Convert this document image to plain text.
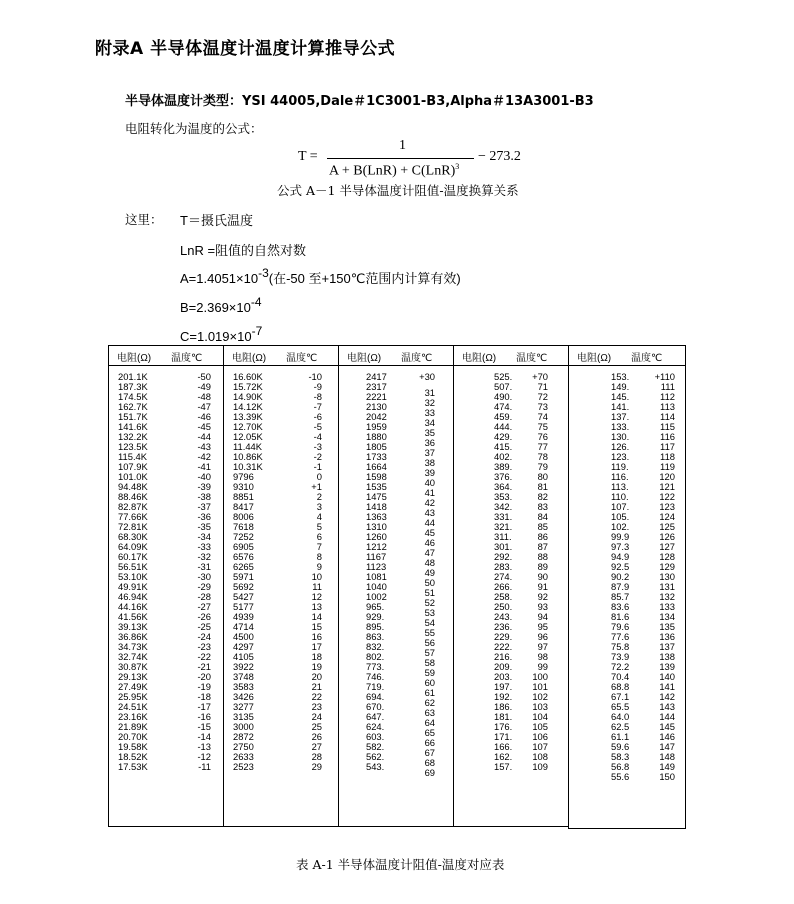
附录A 半导体温度计温度计算推导公式
半导体温度计类型：YSI 44005,Dale＃1C3001-B3,Alpha＃13A3001-B3
电阻转化为温度的公式：
T =
1
A + B(LnR) + C(LnR)$^3$
− 273.2
公式 A－1 半导体温度计阻值-温度换算关系
这里： T＝摄氏温度
LnR =阻值的自然对数
$A=1.4051\times 10^{-3}$(在-50 至+150℃范围内计算有效)
$B=2.369\times 10^{-4}$
$C=1.019\times 10^{-7}$
电阻(Ω) 温度℃
201.1K
187.3K
174.5K
162.7K
151.7K
141.6K
132.2K
123.5K
115.4K
107.9K
101.0K
94.48K
88.46K
82.87K
77.66K
72.81K
68.30K
64.09K
60.17K
56.51K
53.10K
49.91K
46.94K
44.16K
41.56K
39.13K
36.86K
34.73K
32.74K
30.87K
29.13K
27.49K
25.95K
24.51K
23.16K
21.89K
20.70K
19.58K
18.52K
17.53K
-50
-49
-48
-47
-46
-45
-44
-43
-42
-41
-40
-39
-38
-37
-36
-35
-34
-33
-32
-31
-30
-29
-28
-27
-26
-25
-24
-23
-22
-21
-20
-19
-18
-17
-16
-15
-14
-13
-12
-11
电阻(Ω) 温度℃
16.60K
15.72K
14.90K
14.12K
13.39K
12.70K
12.05K
11.44K
10.86K
10.31K
9796
9310
8851
8417
8006
7618
7252
6905
6576
6265
5971
5692
5427
5177
4939
4714
4500
4297
4105
3922
3748
3583
3426
3277
3135
3000
2872
2750
2633
2523
-10
-9
-8
-7
-6
-5
-4
-3
-2
-1
0
+1
2
3
4
5
6
7
8
9
10
11
12
13
14
15
16
17
18
19
20
21
22
23
24
25
26
27
28
29
电阻(Ω) 温度℃
2417
2317
2221
2130
2042
1959
1880
1805
1733
1664
1598
1535
1475
1418
1363
1310
1260
1212
1167
1123
1081
1040
1002
965.
929.
895.
863.
832.
802.
773.
746.
719.
694.
670.
647.
624.
603.
582.
562.
543.
+30
31
32
33
34
35
36
37
38
39
40
41
42
43
44
45
46
47
48
49
50
51
52
53
54
55
56
57
58
59
60
61
62
63
64
65
66
67
68
69
电阻(Ω) 温度℃
525.
507.
490.
474.
459.
444.
429.
415.
402.
389.
376.
364.
353.
342.
331.
321.
311.
301.
292.
283.
274.
266.
258.
250.
243.
236.
229.
222.
216.
209.
203.
197.
192.
186.
181.
176.
171.
166.
162.
157.
+70
71
72
73
74
75
76
77
78
79
80
81
82
83
84
85
86
87
88
89
90
91
92
93
94
95
96
97
98
99
100
101
102
103
104
105
106
107
108
109
电阻(Ω) 温度℃
153.
149.
145.
141.
137.
133.
130.
126.
123.
119.
116.
113.
110.
107.
105.
102.
99.9
97.3
94.9
92.5
90.2
87.9
85.7
83.6
81.6
79.6
77.6
75.8
73.9
72.2
70.4
68.8
67.1
65.5
64.0
62.5
61.1
59.6
58.3
56.8
55.6
+110
111
112
113
114
115
116
117
118
119
120
121
122
123
124
125
126
127
128
129
130
131
132
133
134
135
136
137
138
139
140
141
142
143
144
145
146
147
148
149
150
表 A-1 半导体温度计阻值-温度对应表
